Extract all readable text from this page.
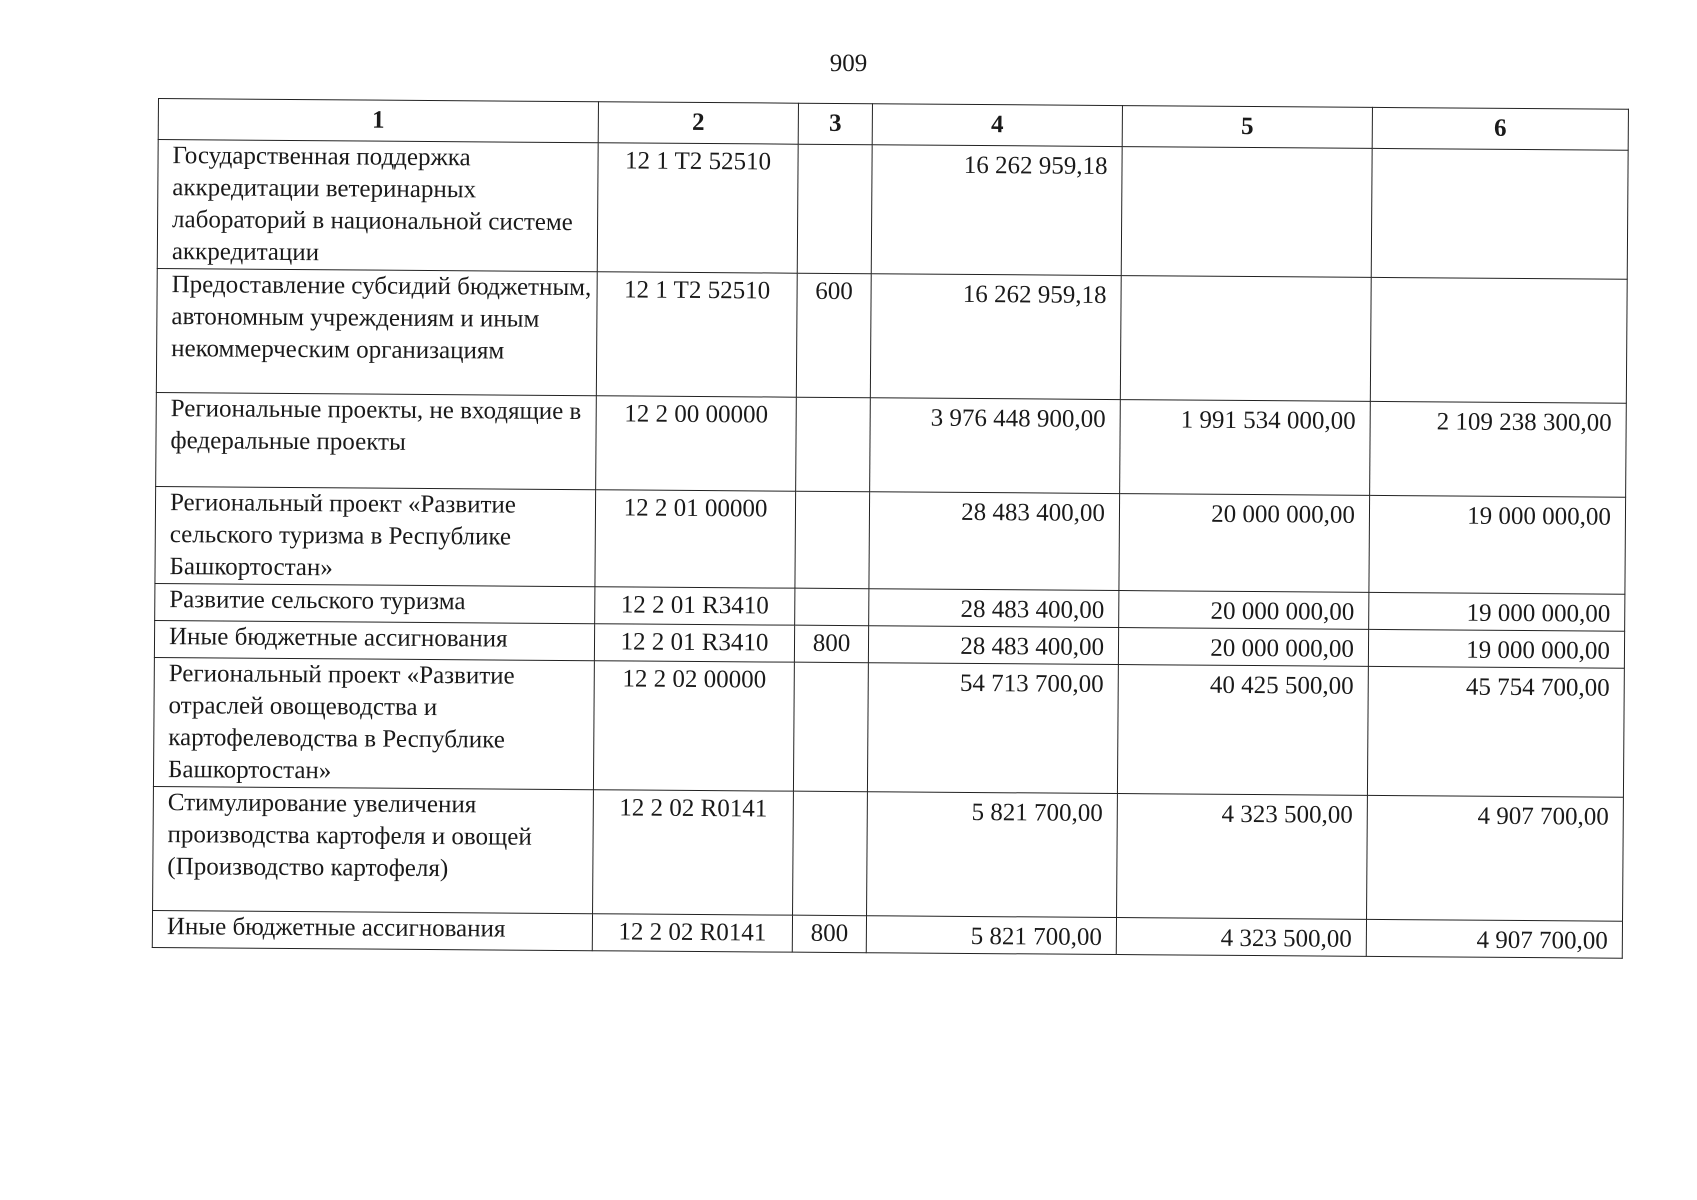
909
1	2	3	4	5	6
Государственная поддержка аккредитации ветеринарных лабораторий в национальной системе аккредитации	12 1 T2 52510		16 262 959,18		
Предоставление субсидий бюджетным, автономным учреждениям и иным некоммерческим организациям	12 1 T2 52510	600	16 262 959,18		
Региональные проекты, не входящие в федеральные проекты	12 2 00 00000		3 976 448 900,00	1 991 534 000,00	2 109 238 300,00
Региональный проект «Развитие сельского туризма в Республике Башкортостан»	12 2 01 00000		28 483 400,00	20 000 000,00	19 000 000,00
Развитие сельского туризма	12 2 01 R3410		28 483 400,00	20 000 000,00	19 000 000,00
Иные бюджетные ассигнования	12 2 01 R3410	800	28 483 400,00	20 000 000,00	19 000 000,00
Региональный проект «Развитие отраслей овощеводства и картофелеводства в Республике Башкортостан»	12 2 02 00000		54 713 700,00	40 425 500,00	45 754 700,00
Стимулирование увеличения производства картофеля и овощей (Производство картофеля)	12 2 02 R0141		5 821 700,00	4 323 500,00	4 907 700,00
Иные бюджетные ассигнования	12 2 02 R0141	800	5 821 700,00	4 323 500,00	4 907 700,00
